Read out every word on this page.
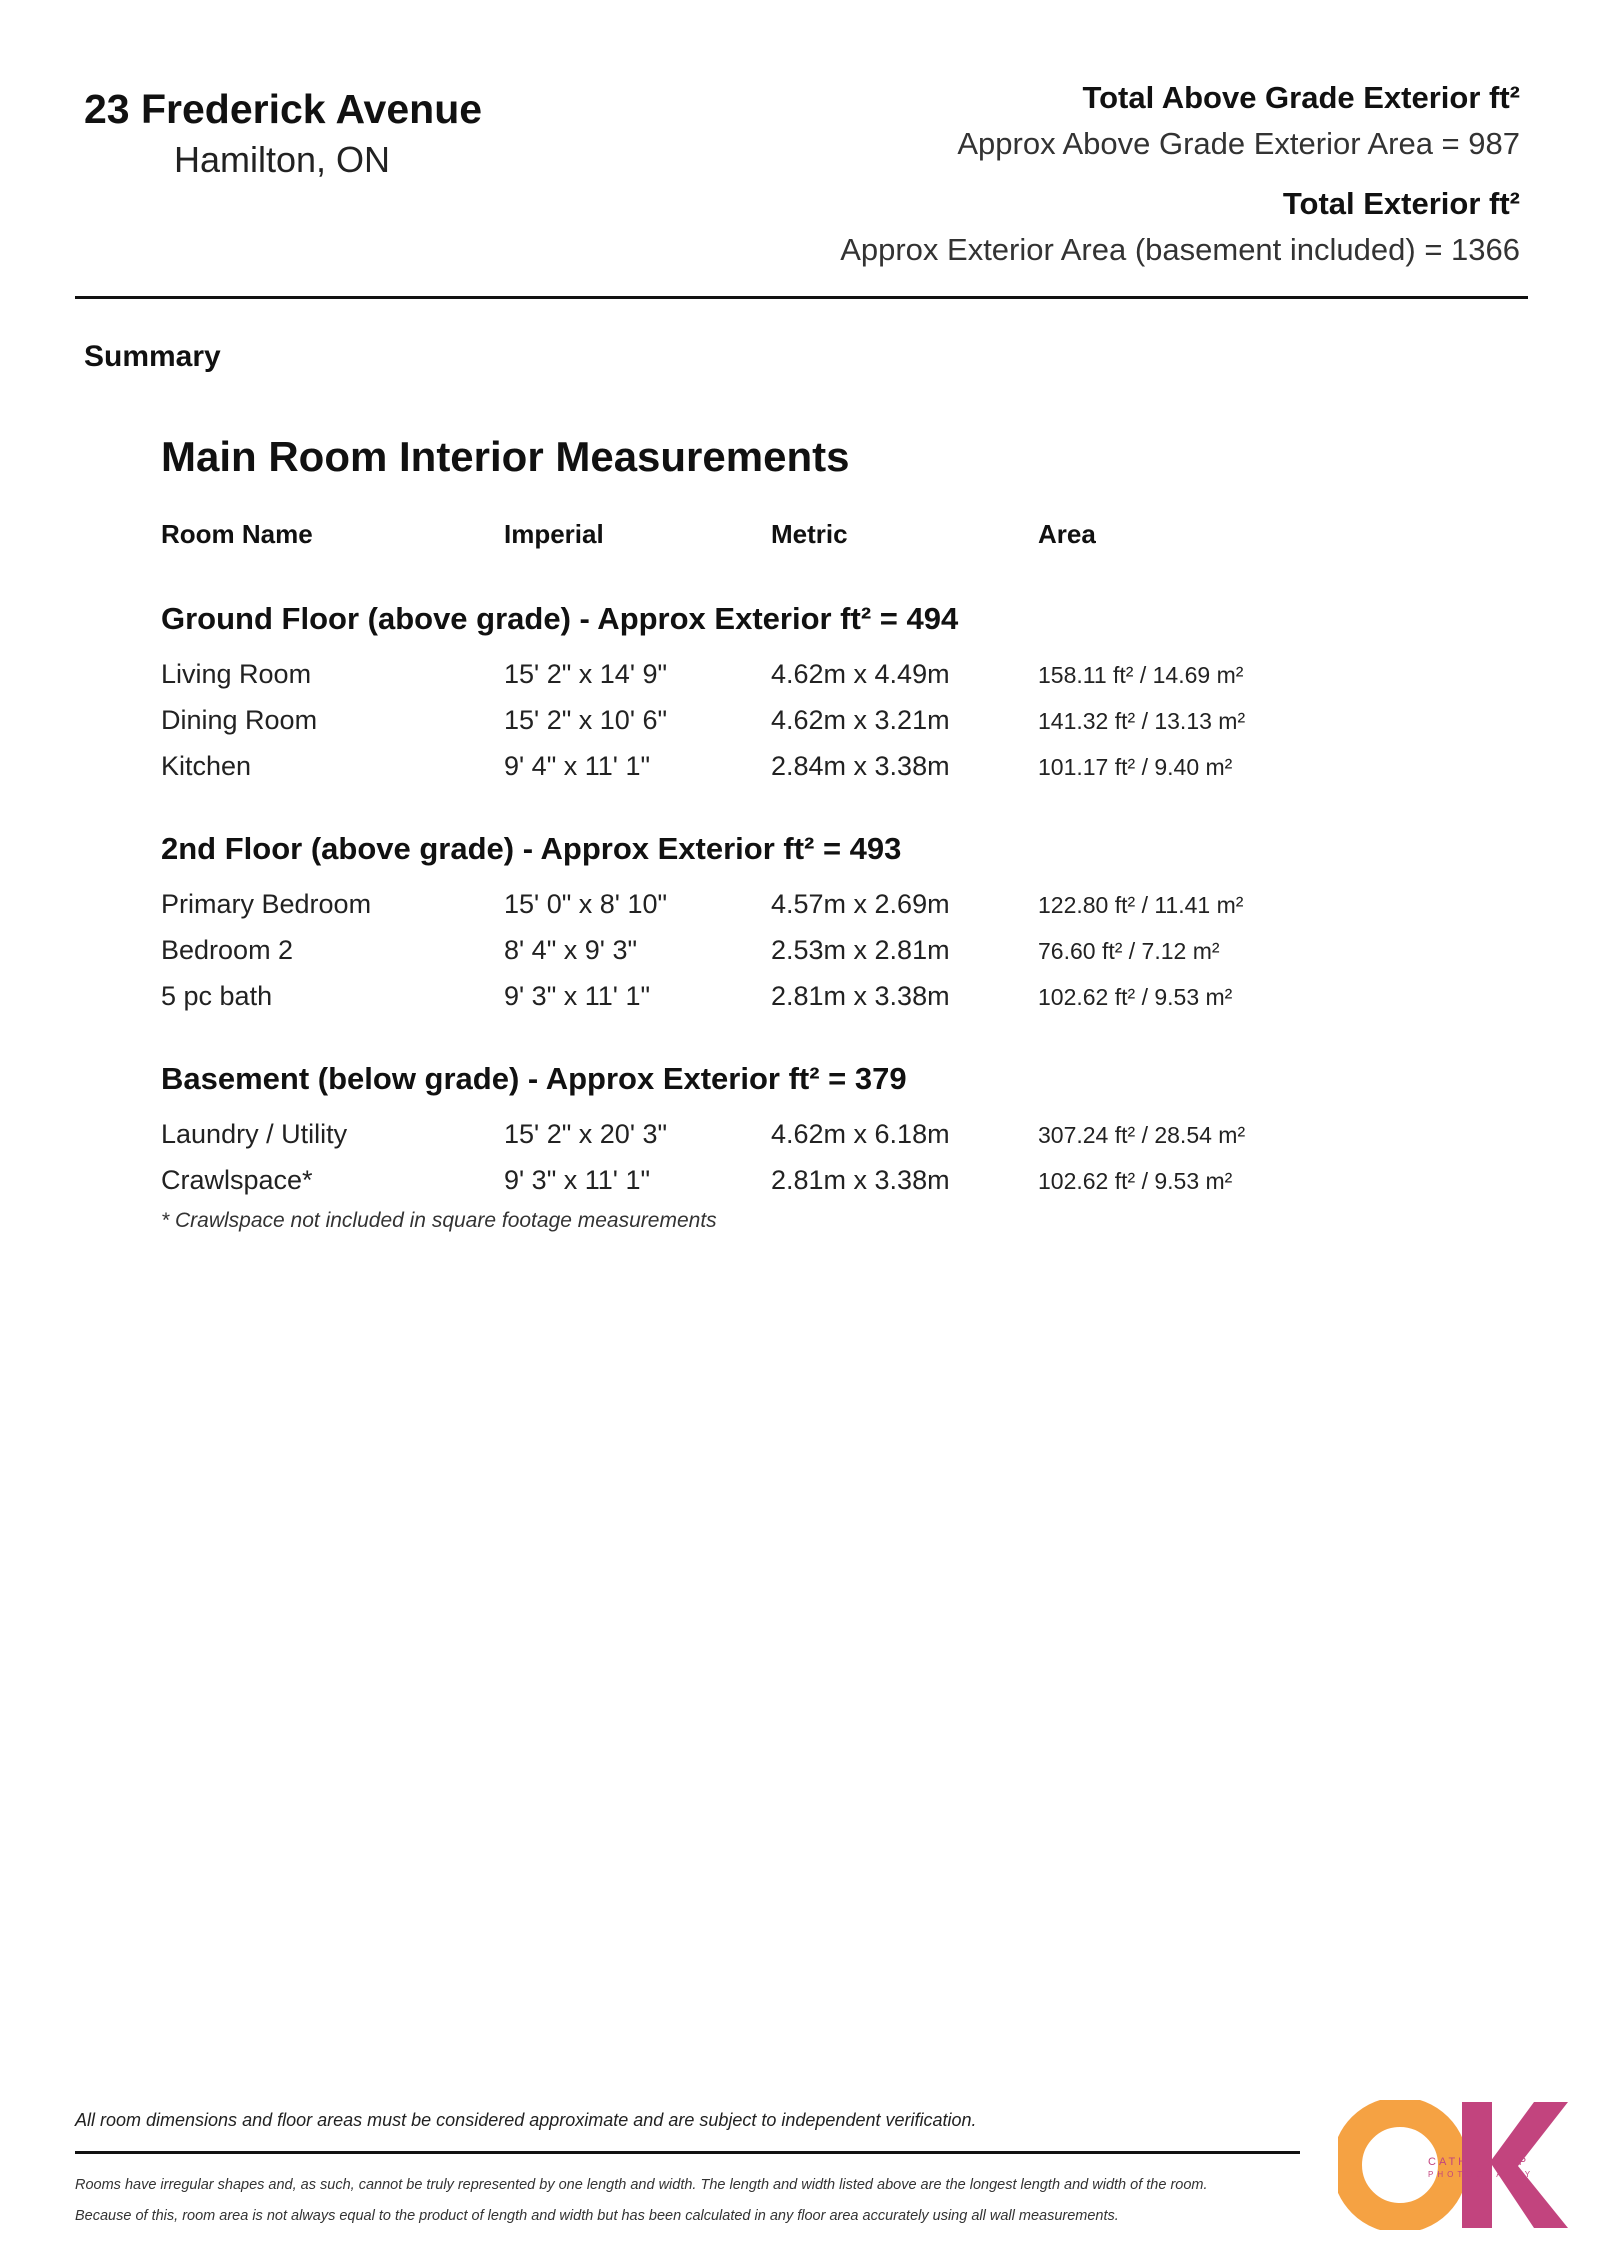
23 Frederick Avenue
Hamilton, ON
Total Above Grade Exterior ft²
Approx Above Grade Exterior Area = 987
Total Exterior ft²
Approx Exterior Area (basement included) = 1366
Summary
Main Room Interior Measurements
Room Name	Imperial	Metric	Area
Ground Floor (above grade) - Approx Exterior ft² = 494
Living Room	15' 2" x 14' 9"	4.62m x 4.49m	158.11 ft² / 14.69 m²
Dining Room	15' 2" x 10' 6"	4.62m x 3.21m	141.32 ft² / 13.13 m²
Kitchen	9' 4" x 11' 1"	2.84m x 3.38m	101.17 ft² / 9.40 m²
2nd Floor (above grade) - Approx Exterior ft² = 493
Primary Bedroom	15' 0" x 8' 10"	4.57m x 2.69m	122.80 ft² / 11.41 m²
Bedroom 2	8' 4" x 9' 3"	2.53m x 2.81m	76.60 ft² / 7.12 m²
5 pc bath	9' 3" x 11' 1"	2.81m x 3.38m	102.62 ft² / 9.53 m²
Basement (below grade) - Approx Exterior ft² = 379
Laundry / Utility	15' 2" x 20' 3"	4.62m x 6.18m	307.24 ft² / 28.54 m²
Crawlspace*	9' 3" x 11' 1"	2.81m x 3.38m	102.62 ft² / 9.53 m²
* Crawlspace not included in square footage measurements
All room dimensions and floor areas must be considered approximate and are subject to independent verification.
Rooms have irregular shapes and, as such, cannot be truly represented by one length and width. The length and width listed above are the longest length and width of the room.
Because of this, room area is not always equal to the product of length and width but has been calculated in any floor area accurately using all wall measurements.
CATHY KOOP
PHOTOGRAPHY
